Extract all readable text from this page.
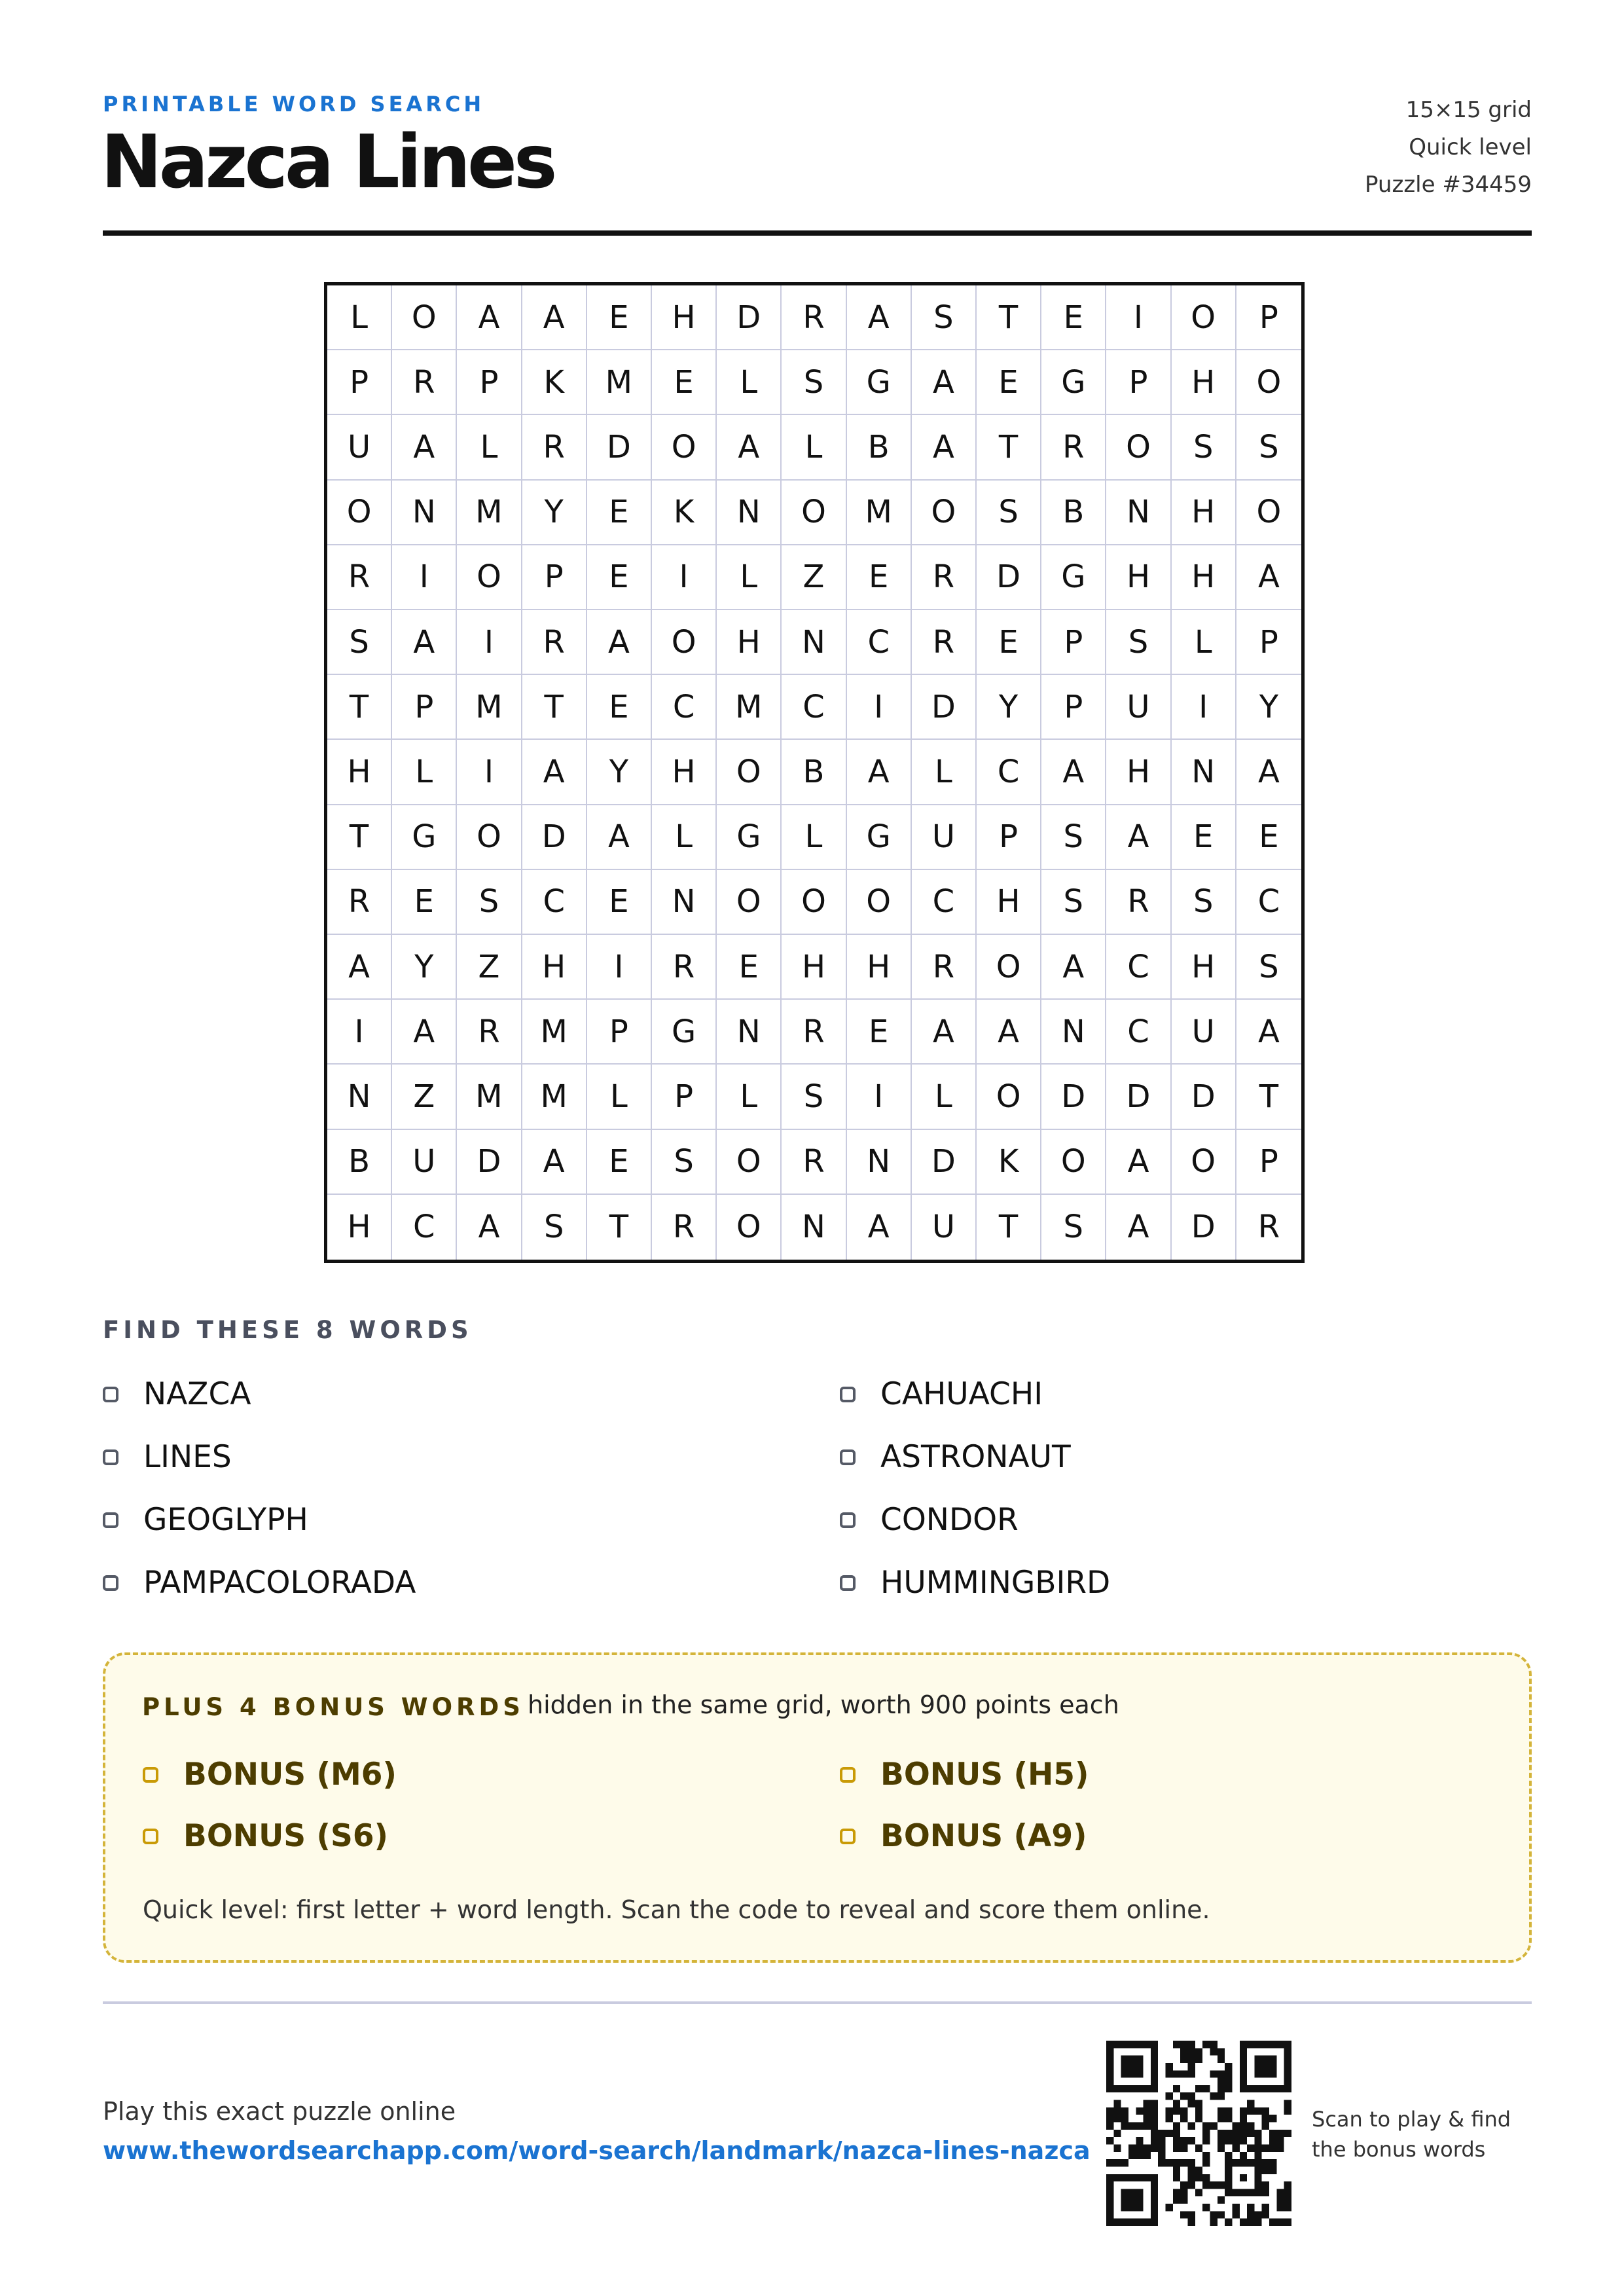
PRINTABLE WORD SEARCH
Nazca Lines
15×15 grid
Quick level
Puzzle #34459
L	O	A	A	E	H	D	R	A	S	T	E	I	O	P
P	R	P	K	M	E	L	S	G	A	E	G	P	H	O
U	A	L	R	D	O	A	L	B	A	T	R	O	S	S
O	N	M	Y	E	K	N	O	M	O	S	B	N	H	O
R	I	O	P	E	I	L	Z	E	R	D	G	H	H	A
S	A	I	R	A	O	H	N	C	R	E	P	S	L	P
T	P	M	T	E	C	M	C	I	D	Y	P	U	I	Y
H	L	I	A	Y	H	O	B	A	L	C	A	H	N	A
T	G	O	D	A	L	G	L	G	U	P	S	A	E	E
R	E	S	C	E	N	O	O	O	C	H	S	R	S	C
A	Y	Z	H	I	R	E	H	H	R	O	A	C	H	S
I	A	R	M	P	G	N	R	E	A	A	N	C	U	A
N	Z	M	M	L	P	L	S	I	L	O	D	D	D	T
B	U	D	A	E	S	O	R	N	D	K	O	A	O	P
H	C	A	S	T	R	O	N	A	U	T	S	A	D	R
FIND THESE 8 WORDS
NAZCA
LINES
GEOGLYPH
PAMPACOLORADA
CAHUACHI
ASTRONAUT
CONDOR
HUMMINGBIRD
PLUS 4 BONUS WORDS hidden in the same grid, worth 900 points each
BONUS (M6)
BONUS (S6)
BONUS (H5)
BONUS (A9)
Quick level: first letter + word length. Scan the code to reveal and score them online.
Play this exact puzzle online
www.thewordsearchapp.com/word-search/landmark/nazca-lines-nazca
Scan to play & find
the bonus words
